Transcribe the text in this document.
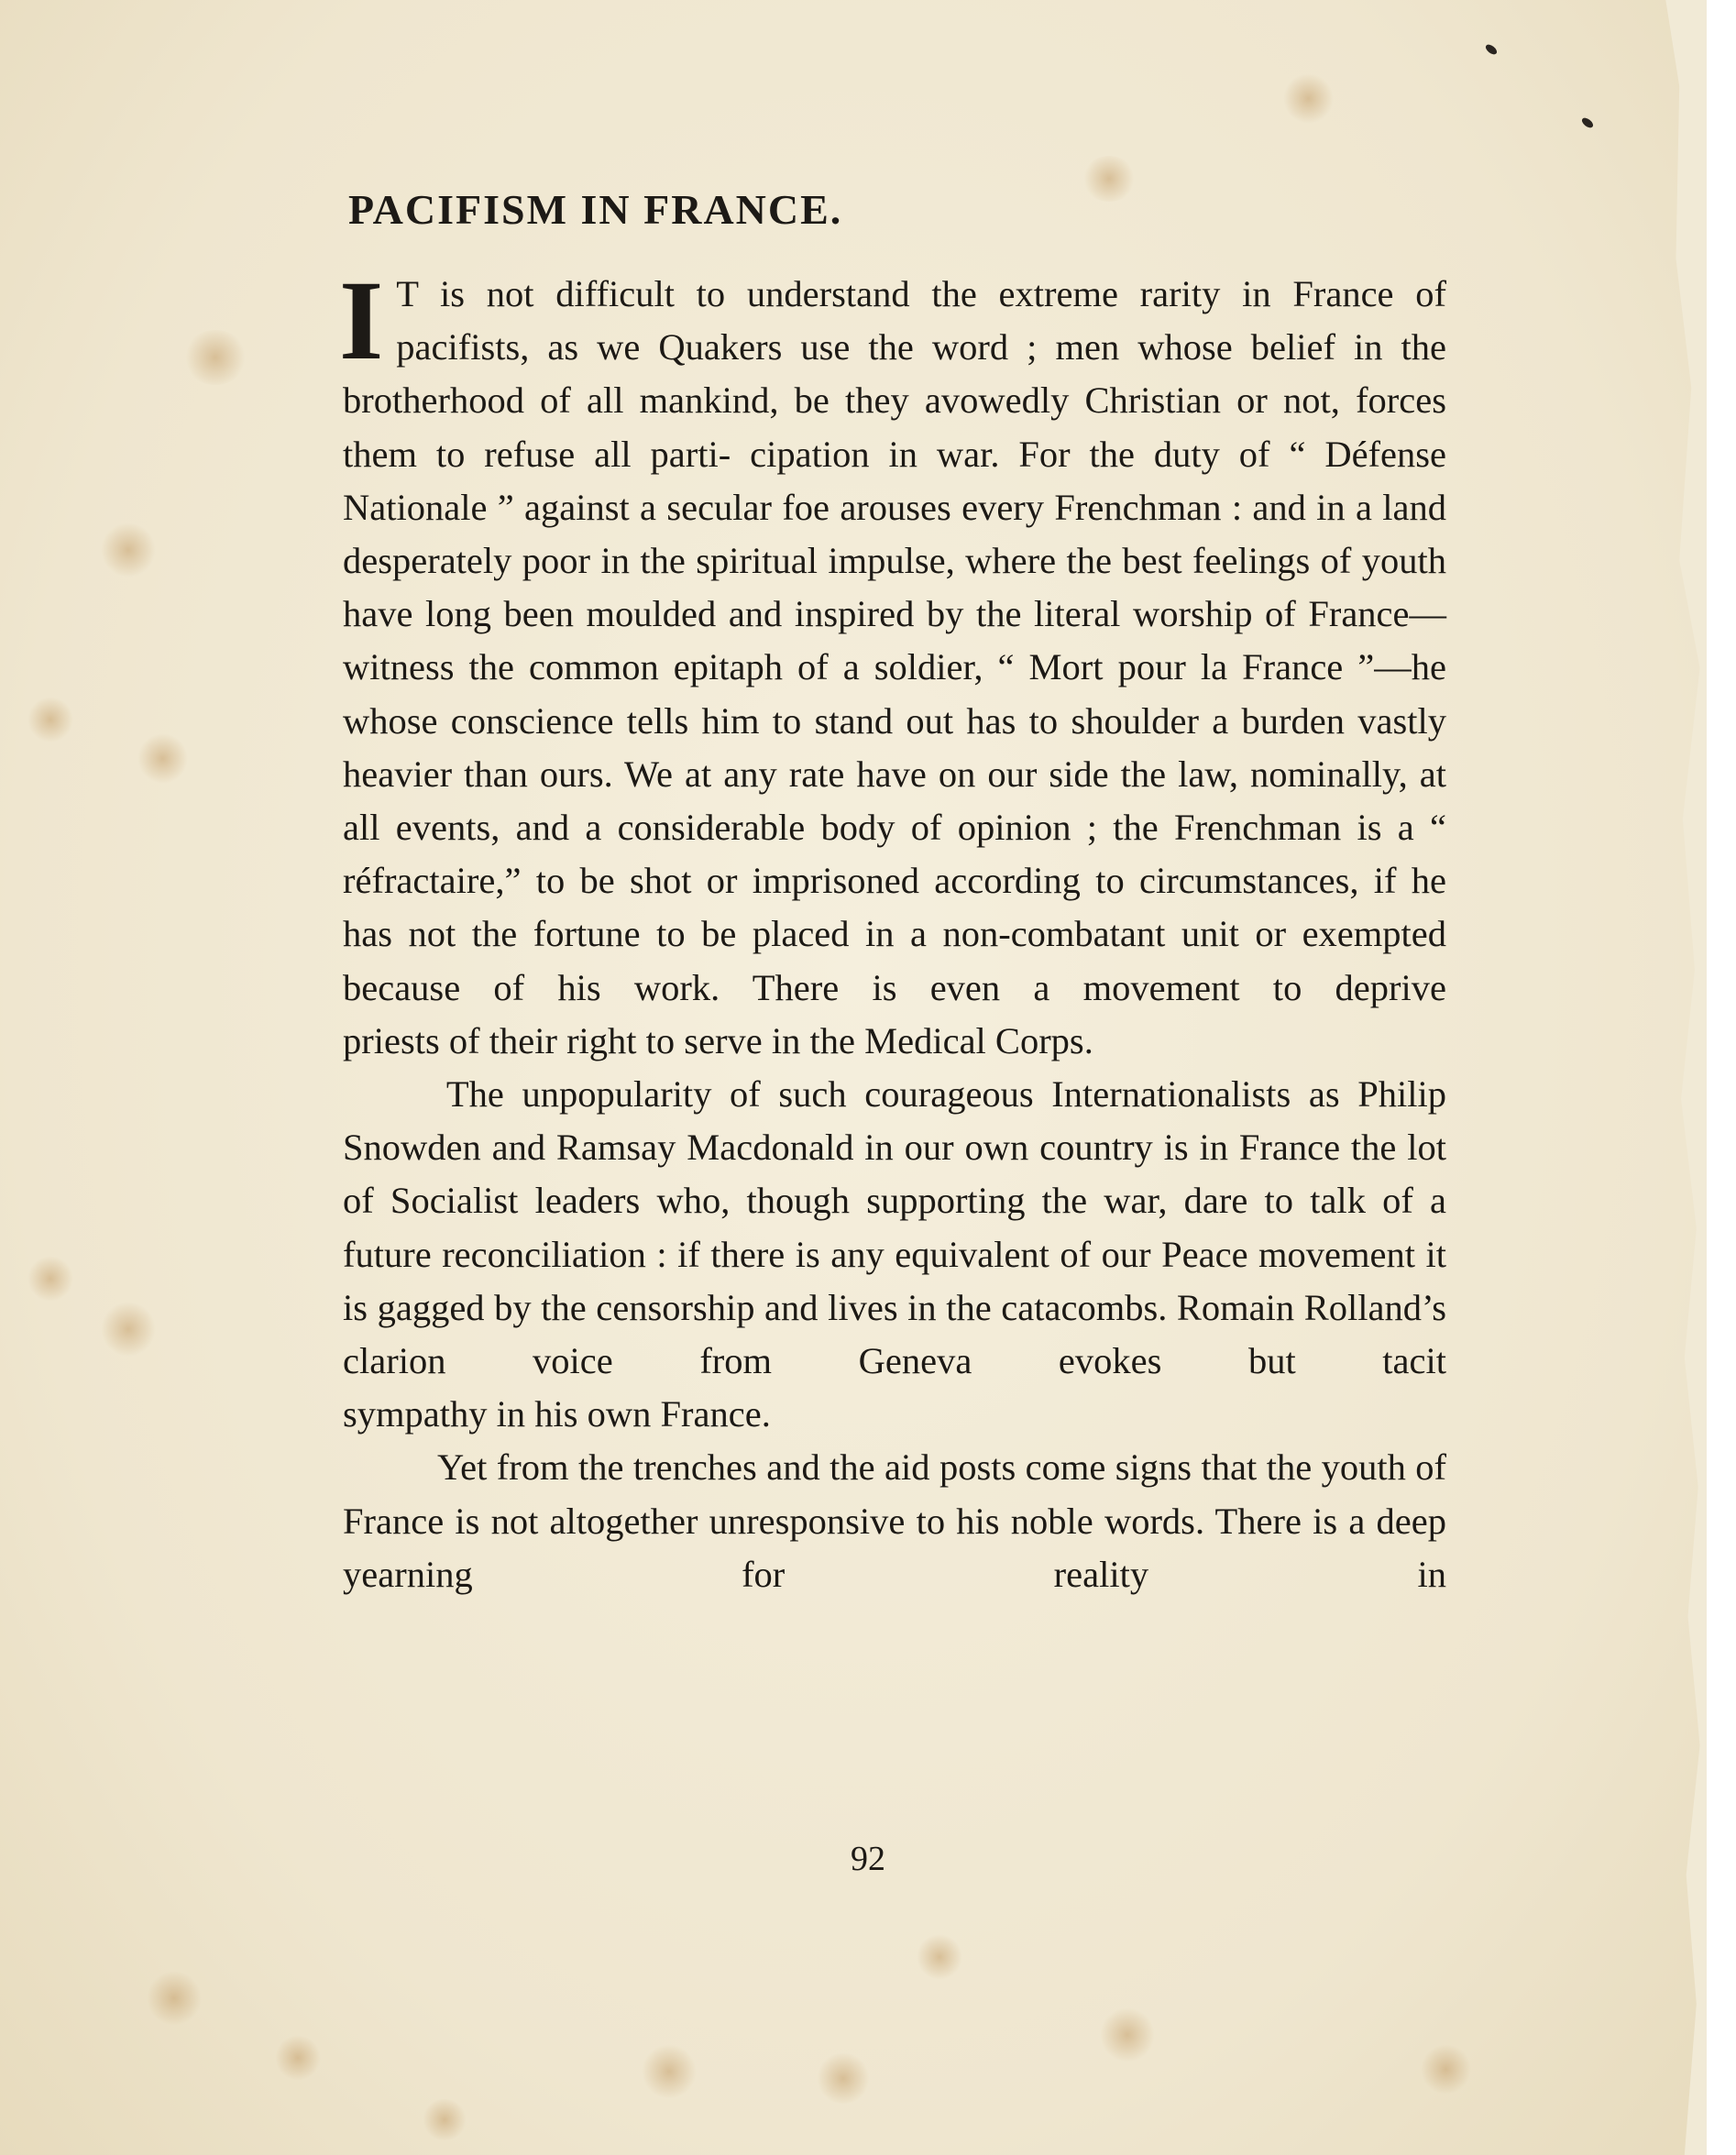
PACIFISM IN FRANCE.

I T is not difficult to understand the extreme rarity in France of pacifists, as we Quakers use the word ; men whose belief in the brotherhood of all mankind, be they avowedly Christian or not, forces them to refuse all parti- cipation in war. For the duty of “ Défense Nationale ” against a secular foe arouses every Frenchman : and in a land desperately poor in the spiritual impulse, where the best feelings of youth have long been moulded and inspired by the literal worship of France—witness the common epitaph of a soldier, “ Mort pour la France ”—he whose conscience tells him to stand out has to shoulder a burden vastly heavier than ours. We at any rate have on our side the law, nominally, at all events, and a considerable body of opinion ; the Frenchman is a “ réfractaire,” to be shot or imprisoned according to circumstances, if he has not the fortune to be placed in a non-combatant unit or exempted because of his work. There is even a movement to deprive

priests of their right to serve in the Medical Corps.

The unpopularity of such courageous Internationalists as Philip Snowden and Ramsay Macdonald in our own country is in France the lot of Socialist leaders who, though supporting the war, dare to talk of a future reconciliation : if there is any equivalent of our Peace movement it is gagged by the censorship and lives in the catacombs. Romain Rolland’s clarion voice from Geneva evokes but tacit

sympathy in his own France.

Yet from the trenches and the aid posts come signs that the youth of France is not altogether unresponsive to his noble words. There is a deep yearning for reality in

92
